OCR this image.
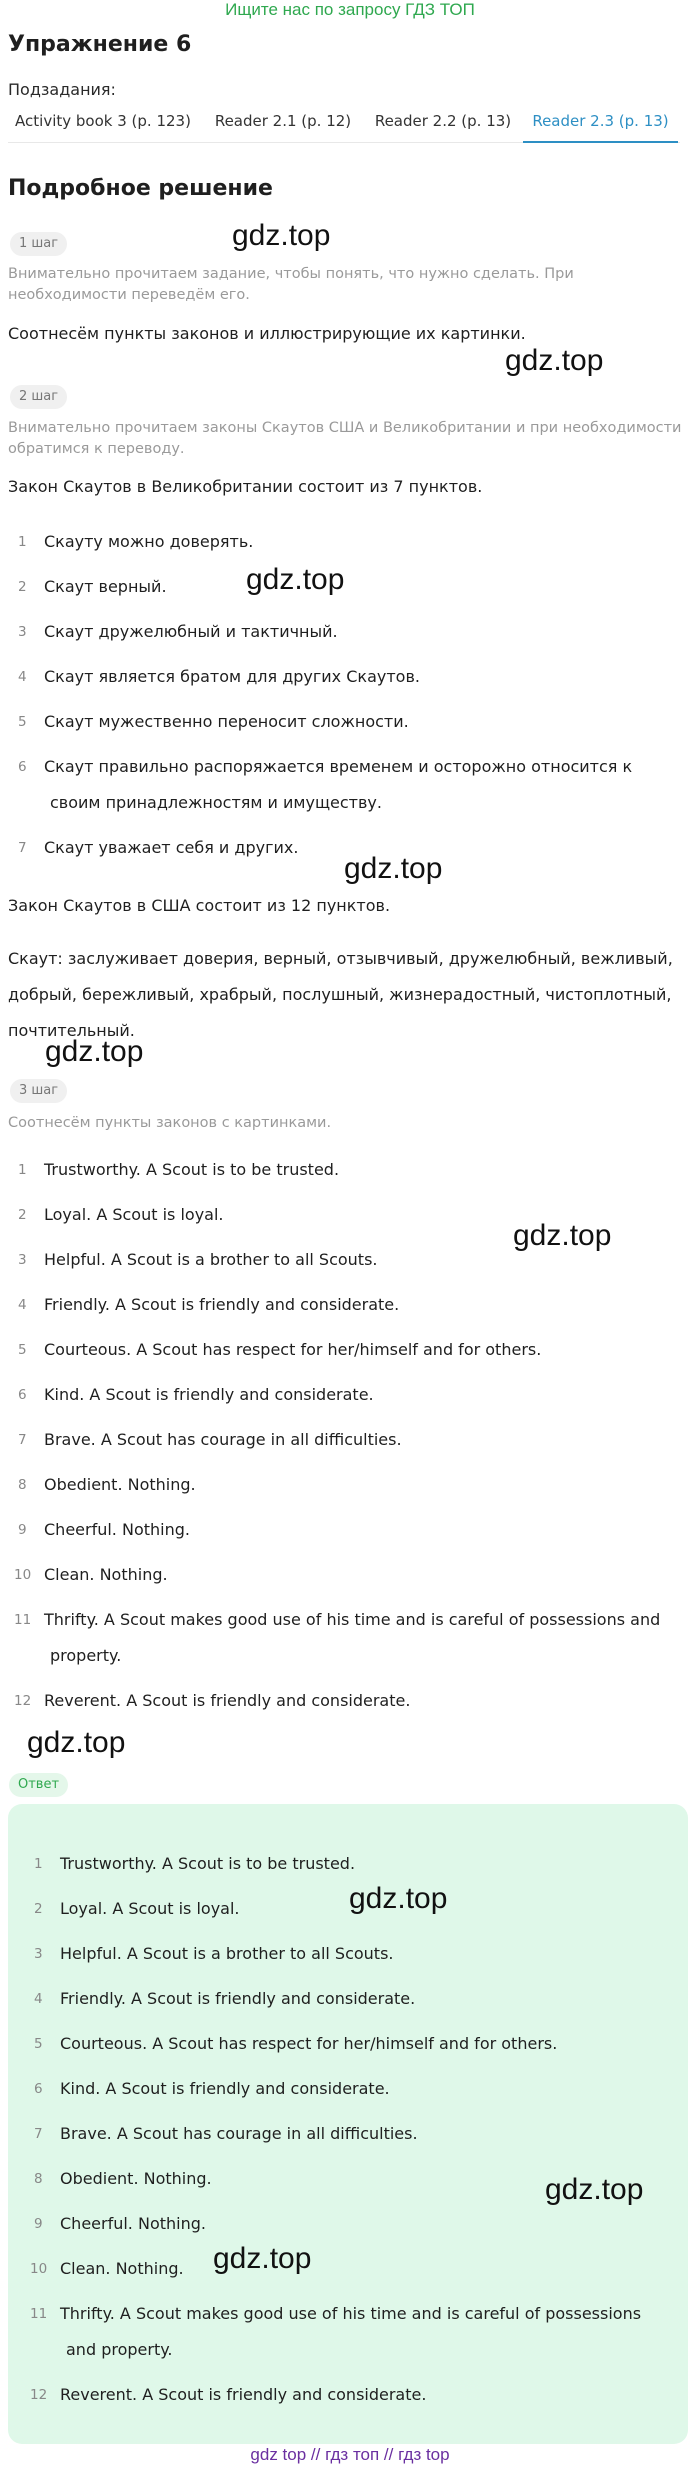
Ищите нас по запросу ГДЗ ТОП
Упражнение 6
Подзадания:
Activity book 3 (p. 123)	Reader 2.1 (p. 12)	Reader 2.2 (p. 13)	Reader 2.3 (p. 13)
Подробное решение
1 шаг
Внимательно прочитаем задание, чтобы понять, что нужно сделать. При необходимости переведём его.
Соотнесём пункты законов и иллюстрирующие их картинки.
2 шаг
Внимательно прочитаем законы Скаутов США и Великобритании и при необходимости обратимся к переводу.
Закон Скаутов в Великобритании состоит из 7 пунктов.
1 Скауту можно доверять.
2 Скаут верный.
3 Скаут дружелюбный и тактичный.
4 Скаут является братом для других Скаутов.
5 Скаут мужественно переносит сложности.
6 Скаут правильно распоряжается временем и осторожно относится к
своим принадлежностям и имуществу.
7 Скаут уважает себя и других.
Закон Скаутов в США состоит из 12 пунктов.
Скаут: заслуживает доверия, верный, отзывчивый, дружелюбный, вежливый,
добрый, бережливый, храбрый, послушный, жизнерадостный, чистоплотный,
почтительный.
3 шаг
Соотнесём пункты законов с картинками.
1 Trustworthy. A Scout is to be trusted.
2 Loyal. A Scout is loyal.
3 Helpful. A Scout is a brother to all Scouts.
4 Friendly. A Scout is friendly and considerate.
5 Courteous. A Scout has respect for her/himself and for others.
6 Kind. A Scout is friendly and considerate.
7 Brave. A Scout has courage in all difficulties.
8 Obedient. Nothing.
9 Cheerful. Nothing.
10 Clean. Nothing.
11 Thrifty. A Scout makes good use of his time and is careful of possessions and
property.
12 Reverent. A Scout is friendly and considerate.
Ответ
1 Trustworthy. A Scout is to be trusted.
2 Loyal. A Scout is loyal.
3 Helpful. A Scout is a brother to all Scouts.
4 Friendly. A Scout is friendly and considerate.
5 Courteous. A Scout has respect for her/himself and for others.
6 Kind. A Scout is friendly and considerate.
7 Brave. A Scout has courage in all difficulties.
8 Obedient. Nothing.
9 Cheerful. Nothing.
10 Clean. Nothing.
11 Thrifty. A Scout makes good use of his time and is careful of possessions
and property.
12 Reverent. A Scout is friendly and considerate.
gdz.top
gdz.top
gdz.top
gdz.top
gdz.top
gdz.top
gdz.top
gdz.top
gdz.top
gdz.top
gdz top // гдз топ // гдз top
